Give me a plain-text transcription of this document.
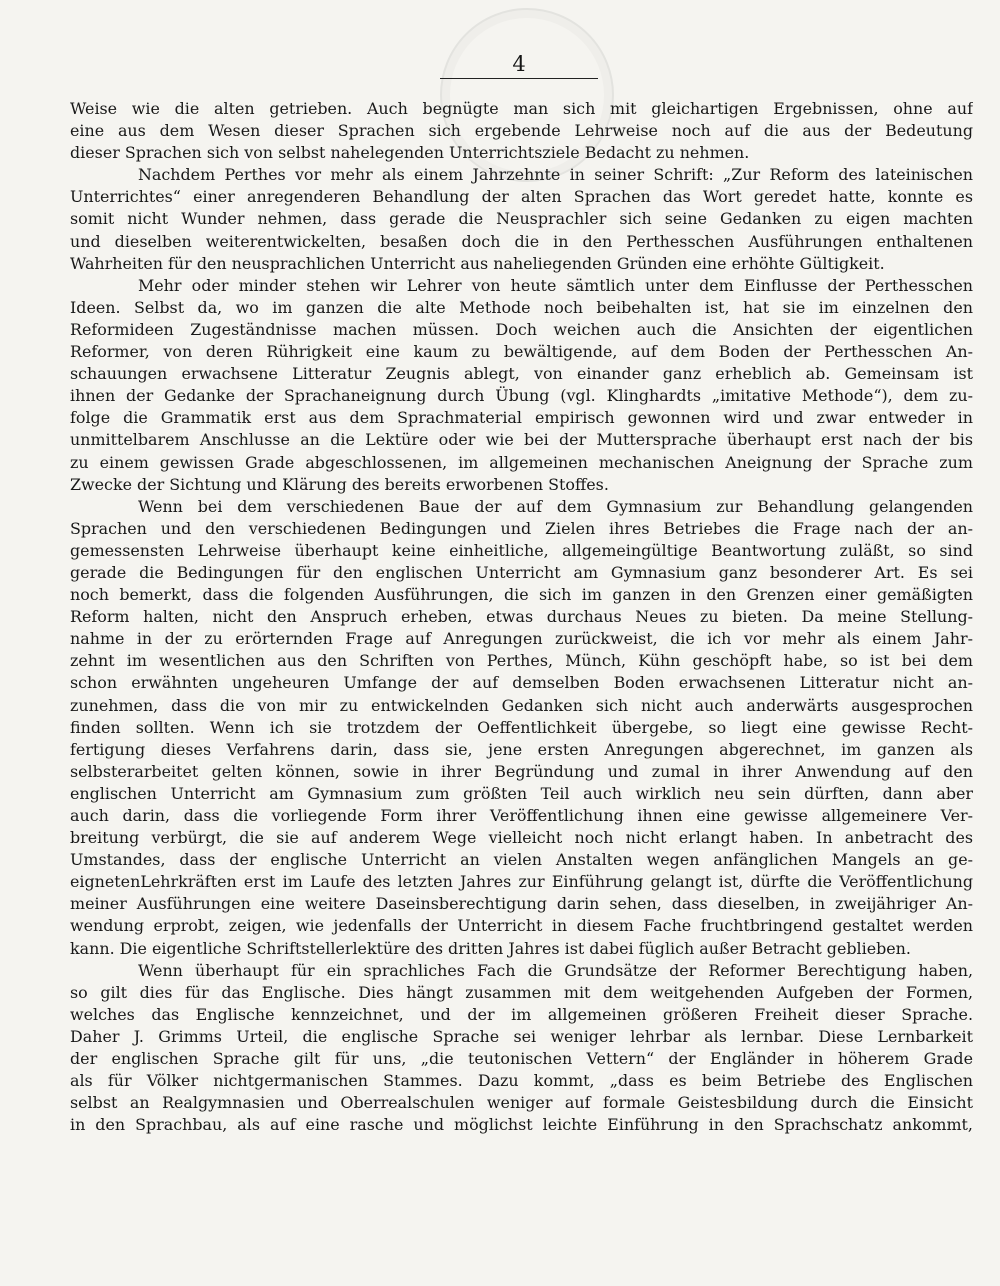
4
Weise wie die alten getrieben. Auch begnügte man sich mit gleichartigen Ergebnissen, ohne auf
eine aus dem Wesen dieser Sprachen sich ergebende Lehrweise noch auf die aus der Bedeutung
dieser Sprachen sich von selbst nahelegenden Unterrichtsziele Bedacht zu nehmen.
Nachdem Perthes vor mehr als einem Jahrzehnte in seiner Schrift: „Zur Reform des lateinischen
Unterrichtes“ einer anregenderen Behandlung der alten Sprachen das Wort geredet hatte, konnte es
somit nicht Wunder nehmen, dass gerade die Neusprachler sich seine Gedanken zu eigen machten
und dieselben weiterentwickelten, besaßen doch die in den Perthesschen Ausführungen enthaltenen
Wahrheiten für den neusprachlichen Unterricht aus naheliegenden Gründen eine erhöhte Gültigkeit.
Mehr oder minder stehen wir Lehrer von heute sämtlich unter dem Einflusse der Perthesschen
Ideen. Selbst da, wo im ganzen die alte Methode noch beibehalten ist, hat sie im einzelnen den
Reformideen Zugeständnisse machen müssen. Doch weichen auch die Ansichten der eigentlichen
Reformer, von deren Rührigkeit eine kaum zu bewältigende, auf dem Boden der Perthesschen An-
schauungen erwachsene Litteratur Zeugnis ablegt, von einander ganz erheblich ab. Gemeinsam ist
ihnen der Gedanke der Sprachaneignung durch Übung (vgl. Klinghardts „imitative Methode“), dem zu-
folge die Grammatik erst aus dem Sprachmaterial empirisch gewonnen wird und zwar entweder in
unmittelbarem Anschlusse an die Lektüre oder wie bei der Muttersprache überhaupt erst nach der bis
zu einem gewissen Grade abgeschlossenen, im allgemeinen mechanischen Aneignung der Sprache zum
Zwecke der Sichtung und Klärung des bereits erworbenen Stoffes.
Wenn bei dem verschiedenen Baue der auf dem Gymnasium zur Behandlung gelangenden
Sprachen und den verschiedenen Bedingungen und Zielen ihres Betriebes die Frage nach der an-
gemessensten Lehrweise überhaupt keine einheitliche, allgemeingültige Beantwortung zuläßt, so sind
gerade die Bedingungen für den englischen Unterricht am Gymnasium ganz besonderer Art. Es sei
noch bemerkt, dass die folgenden Ausführungen, die sich im ganzen in den Grenzen einer gemäßigten
Reform halten, nicht den Anspruch erheben, etwas durchaus Neues zu bieten. Da meine Stellung-
nahme in der zu erörternden Frage auf Anregungen zurückweist, die ich vor mehr als einem Jahr-
zehnt im wesentlichen aus den Schriften von Perthes, Münch, Kühn geschöpft habe, so ist bei dem
schon erwähnten ungeheuren Umfange der auf demselben Boden erwachsenen Litteratur nicht an-
zunehmen, dass die von mir zu entwickelnden Gedanken sich nicht auch anderwärts ausgesprochen
finden sollten. Wenn ich sie trotzdem der Oeffentlichkeit übergebe, so liegt eine gewisse Recht-
fertigung dieses Verfahrens darin, dass sie, jene ersten Anregungen abgerechnet, im ganzen als
selbsterarbeitet gelten können, sowie in ihrer Begründung und zumal in ihrer Anwendung auf den
englischen Unterricht am Gymnasium zum größten Teil auch wirklich neu sein dürften, dann aber
auch darin, dass die vorliegende Form ihrer Veröffentlichung ihnen eine gewisse allgemeinere Ver-
breitung verbürgt, die sie auf anderem Wege vielleicht noch nicht erlangt haben. In anbetracht des
Umstandes, dass der englische Unterricht an vielen Anstalten wegen anfänglichen Mangels an ge-
eignetenLehrkräften erst im Laufe des letzten Jahres zur Einführung gelangt ist, dürfte die Veröffentlichung
meiner Ausführungen eine weitere Daseinsberechtigung darin sehen, dass dieselben, in zweijähriger An-
wendung erprobt, zeigen, wie jedenfalls der Unterricht in diesem Fache fruchtbringend gestaltet werden
kann. Die eigentliche Schriftstellerlektüre des dritten Jahres ist dabei füglich außer Betracht geblieben.
Wenn überhaupt für ein sprachliches Fach die Grundsätze der Reformer Berechtigung haben,
so gilt dies für das Englische. Dies hängt zusammen mit dem weitgehenden Aufgeben der Formen,
welches das Englische kennzeichnet, und der im allgemeinen größeren Freiheit dieser Sprache.
Daher J. Grimms Urteil, die englische Sprache sei weniger lehrbar als lernbar. Diese Lernbarkeit
der englischen Sprache gilt für uns, „die teutonischen Vettern“ der Engländer in höherem Grade
als für Völker nichtgermanischen Stammes. Dazu kommt, „dass es beim Betriebe des Englischen
selbst an Realgymnasien und Oberrealschulen weniger auf formale Geistesbildung durch die Einsicht
in den Sprachbau, als auf eine rasche und möglichst leichte Einführung in den Sprachschatz ankommt,
